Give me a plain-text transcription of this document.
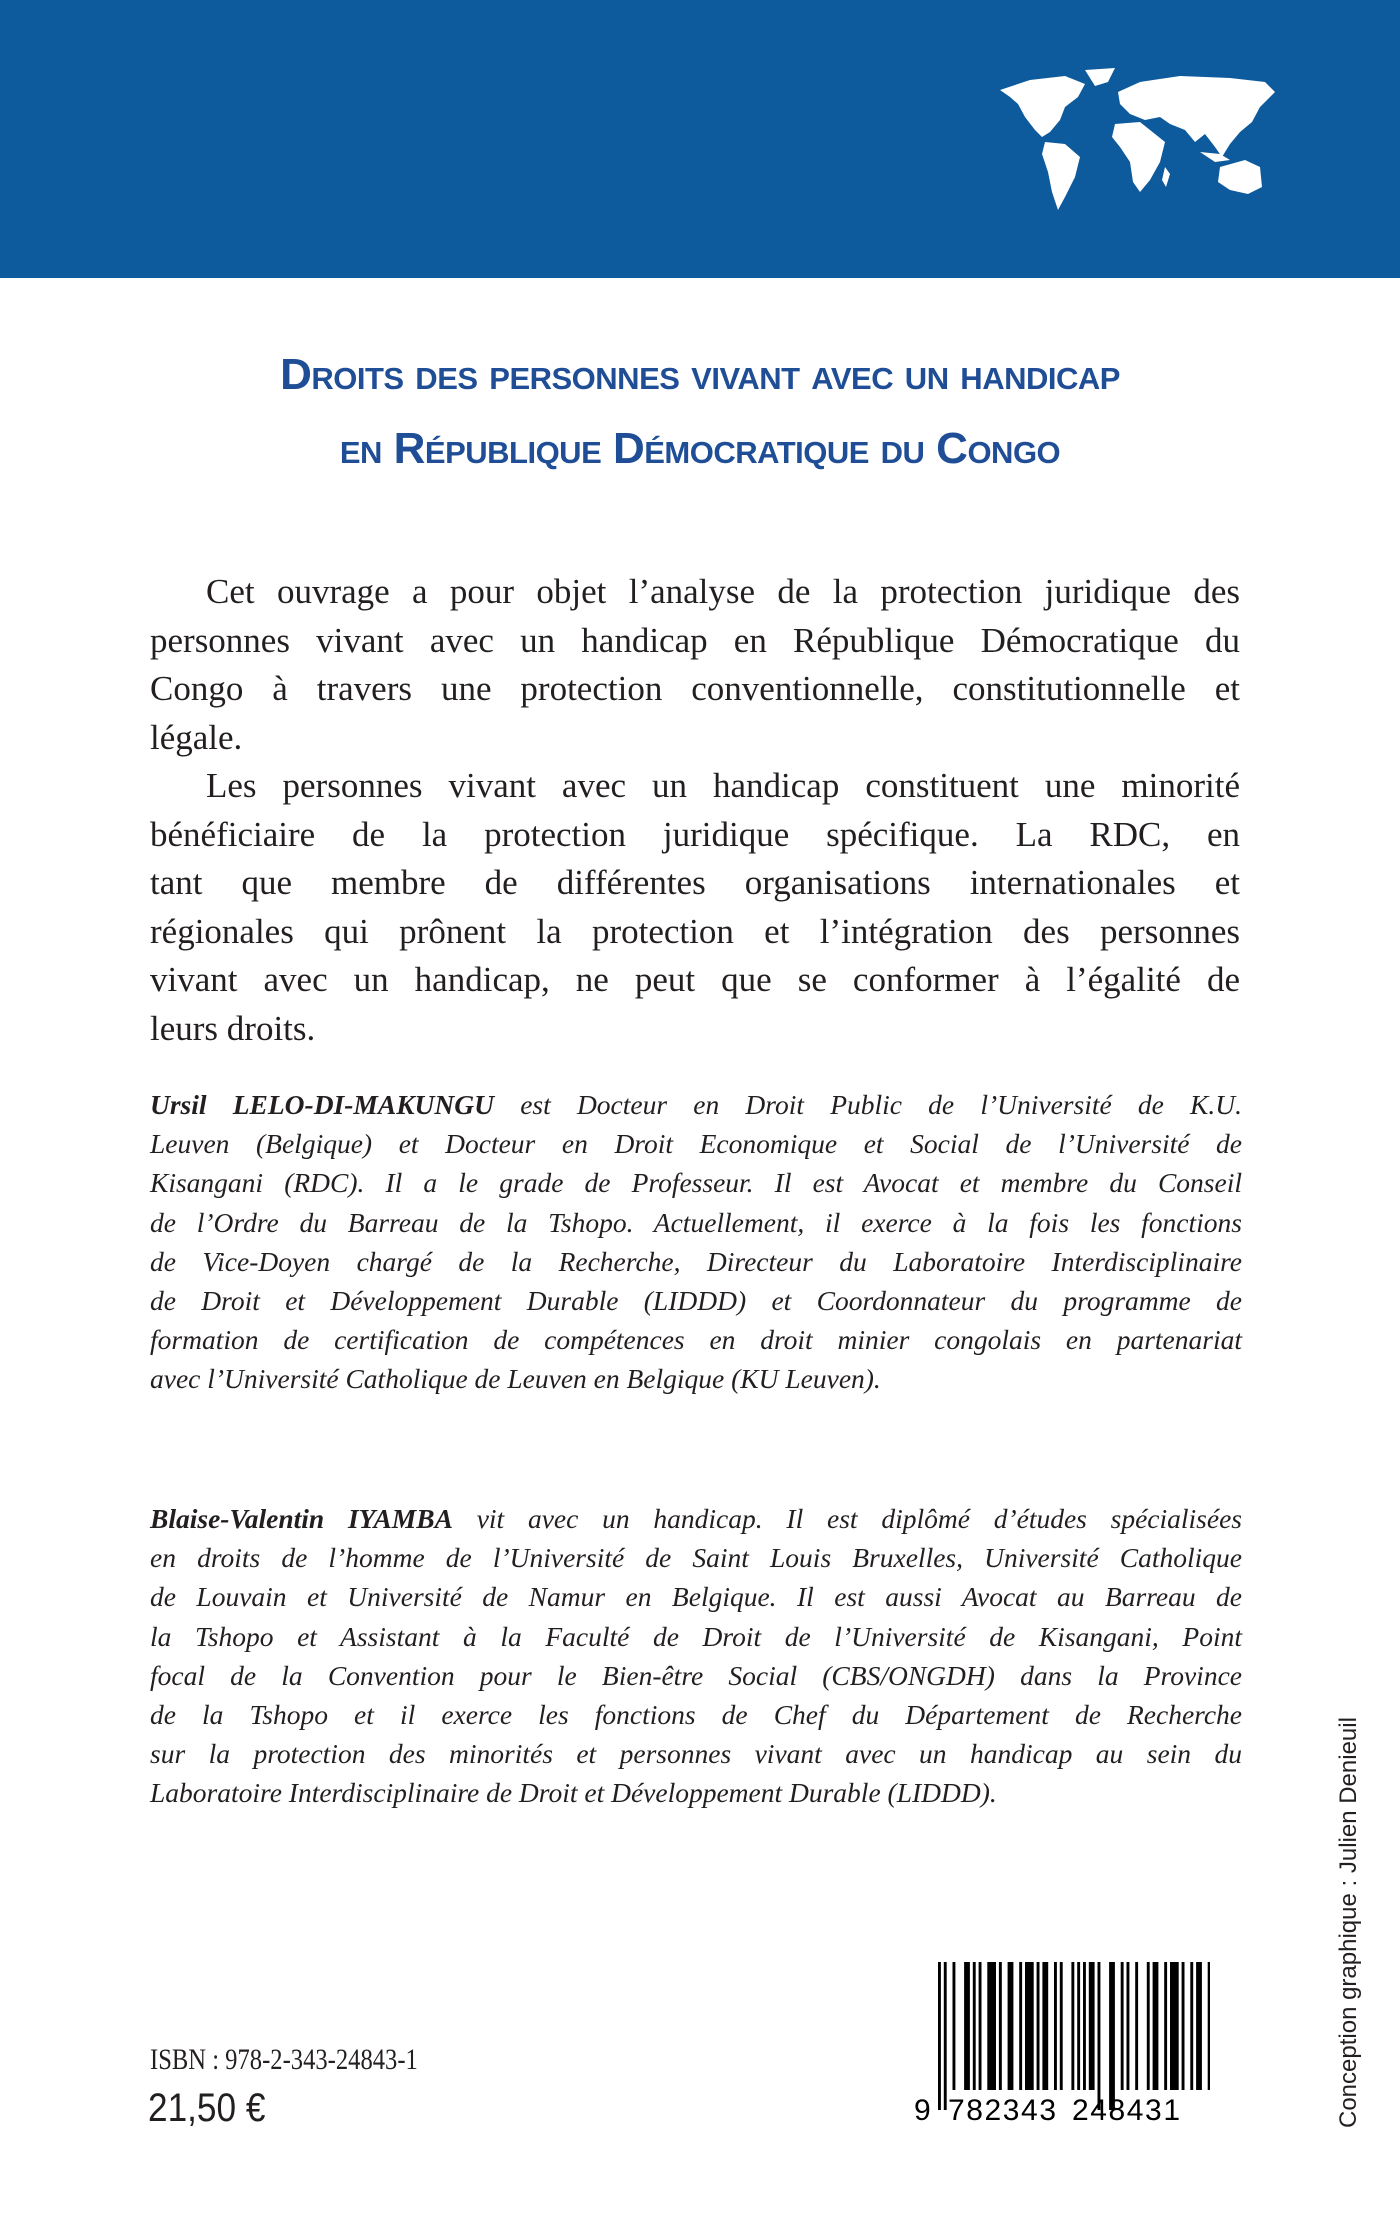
Droits des personnes vivant avec un handicap
en République Démocratique du Congo
Cet ouvrage a pour objet l’analyse de la protection juridique des
personnes vivant avec un handicap en République Démocratique du
Congo à travers une protection conventionnelle, constitutionnelle et
légale.
Les personnes vivant avec un handicap constituent une minorité
bénéficiaire de la protection juridique spécifique. La RDC, en
tant que membre de différentes organisations internationales et
régionales qui prônent la protection et l’intégration des personnes
vivant avec un handicap, ne peut que se conformer à l’égalité de
leurs droits.
Ursil LELO-DI-MAKUNGU est Docteur en Droit Public de l’Université de K.U.
Leuven (Belgique) et Docteur en Droit Economique et Social de l’Université de
Kisangani (RDC). Il a le grade de Professeur. Il est Avocat et membre du Conseil
de l’Ordre du Barreau de la Tshopo. Actuellement, il exerce à la fois les fonctions
de Vice-Doyen chargé de la Recherche, Directeur du Laboratoire Interdisciplinaire
de Droit et Développement Durable (LIDDD) et Coordonnateur du programme de
formation de certification de compétences en droit minier congolais en partenariat
avec l’Université Catholique de Leuven en Belgique (KU Leuven).
Blaise-Valentin IYAMBA vit avec un handicap. Il est diplômé d’études spécialisées
en droits de l’homme de l’Université de Saint Louis Bruxelles, Université Catholique
de Louvain et Université de Namur en Belgique. Il est aussi Avocat au Barreau de
la Tshopo et Assistant à la Faculté de Droit de l’Université de Kisangani, Point
focal de la Convention pour le Bien-être Social (CBS/ONGDH) dans la Province
de la Tshopo et il exerce les fonctions de Chef du Département de Recherche
sur la protection des minorités et personnes vivant avec un handicap au sein du
Laboratoire Interdisciplinaire de Droit et Développement Durable (LIDDD).
ISBN : 978-2-343-24843-1
21,50 €	9 782343 248431	Conception graphique : Julien Denieuil
